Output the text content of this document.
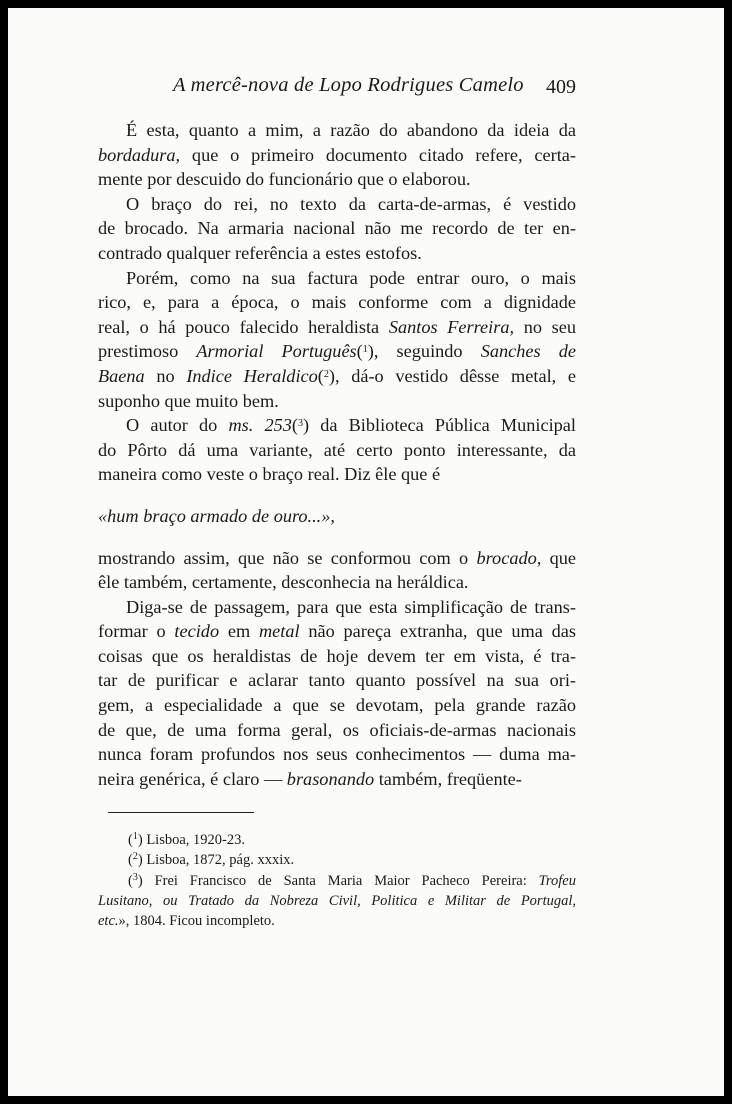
A mercê-nova de Lopo Rodrigues Camelo 409
É esta, quanto a mim, a razão do abandono da ideia da
bordadura, que o primeiro documento citado refere, certa-
mente por descuido do funcionário que o elaborou.
O braço do rei, no texto da carta-de-armas, é vestido
de brocado. Na armaria nacional não me recordo de ter en-
contrado qualquer referência a estes estofos.
Porém, como na sua factura pode entrar ouro, o mais
rico, e, para a época, o mais conforme com a dignidade
real, o há pouco falecido heraldista Santos Ferreira, no seu
prestimoso Armorial Português($^1$), seguindo Sanches de
Baena no Indice Heraldico($^2$), dá-o vestido dêsse metal, e
suponho que muito bem.
O autor do ms. 253($^3$) da Biblioteca Pública Municipal
do Pôrto dá uma variante, até certo ponto interessante, da
maneira como veste o braço real. Diz êle que é
«hum braço armado de ouro...»,
mostrando assim, que não se conformou com o brocado, que
êle também, certamente, desconhecia na heráldica.
Diga-se de passagem, para que esta simplificação de trans-
formar o tecido em metal não pareça extranha, que uma das
coisas que os heraldistas de hoje devem ter em vista, é tra-
tar de purificar e aclarar tanto quanto possível na sua ori-
gem, a especialidade a que se devotam, pela grande razão
de que, de uma forma geral, os oficiais-de-armas nacionais
nunca foram profundos nos seus conhecimentos — duma ma-
neira genérica, é claro — brasonando também, freqüente-
($^1$) Lisboa, 1920-23.
($^2$) Lisboa, 1872, pág. xxxix.
($^3$) Frei Francisco de Santa Maria Maior Pacheco Pereira: Trofeu
Lusitano, ou Tratado da Nobreza Civil, Politica e Militar de Portugal,
etc.», 1804. Ficou incompleto.
